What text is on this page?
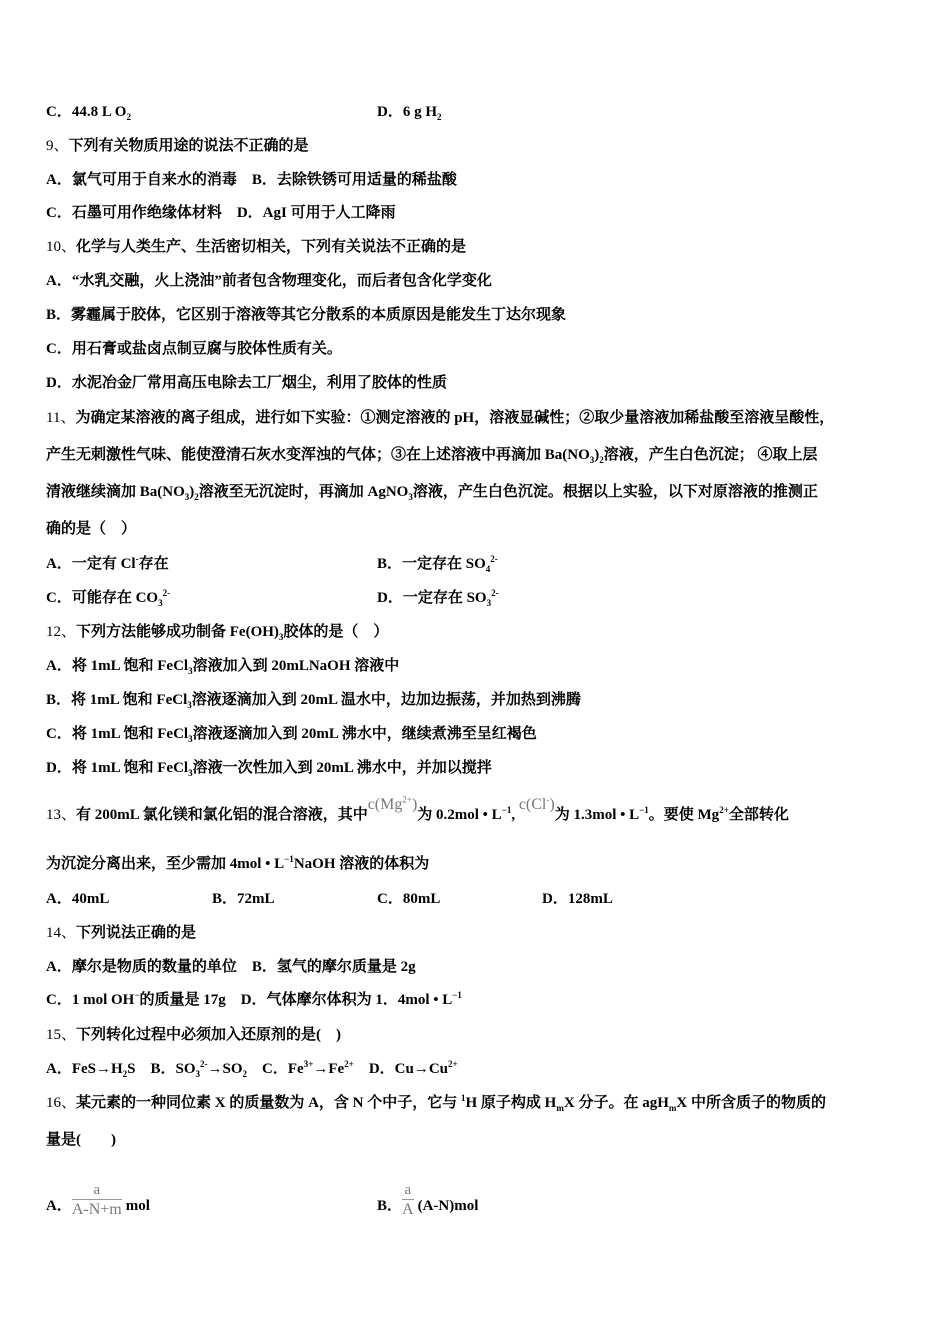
C．44.8 L $O_2$	D．6 g $H_2$
9、下列有关物质用途的说法不正确的是
A．氯气可用于自来水的消毒　B．去除铁锈可用适量的稀盐酸
C．石墨可用作绝缘体材料　D．AgI 可用于人工降雨
10、化学与人类生产、生活密切相关，下列有关说法不正确的是
A．“水乳交融，火上浇油”前者包含物理变化，而后者包含化学变化
B．雾霾属于胶体，它区别于溶液等其它分散系的本质原因是能发生丁达尔现象
C．用石膏或盐卤点制豆腐与胶体性质有关。
D．水泥冶金厂常用高压电除去工厂烟尘，利用了胶体的性质
11、为确定某溶液的离子组成，进行如下实验：①测定溶液的 pH，溶液显碱性；②取少量溶液加稀盐酸至溶液呈酸性，
产生无刺激性气味、能使澄清石灰水变浑浊的气体；③在上述溶液中再滴加 $Ba(NO_3)_2$溶液，产生白色沉淀； ④取上层
清液继续滴加 $Ba(NO_3)_2$溶液至无沉淀时，再滴加 AgNO$_3$溶液，产生白色沉淀。根据以上实验，以下对原溶液的推测正
确的是（　）
A．一定有 Cl-存在	B．一定存在 $SO_4^{2-}$
C．可能存在 $CO_3^{2-}$	D．一定存在 $SO_3^{2-}$
12、下列方法能够成功制备 $Fe(OH)_3$胶体的是（　）
A．将 1mL 饱和 FeCl$_3$溶液加入到 20mLNaOH 溶液中
B．将 1mL 饱和 FeCl$_3$溶液逐滴加入到 20mL 温水中，边加边振荡，并加热到沸腾
C．将 1mL 饱和 FeCl$_3$溶液逐滴加入到 20mL 沸水中，继续煮沸至呈红褐色
D．将 1mL 饱和 FeCl$_3$溶液一次性加入到 20mL 沸水中，并加以搅拌
13、有 200mL 氯化镁和氯化铝的混合溶液，其中$c(Mg^{2+})$为 0.2mol • $L^{-1}$, c(Cl-)为 1.3mol • $L^{-1}$。要使 $Mg^{2+}$全部转化
为沉淀分离出来，至少需加 4mol • $L^{-1}NaOH$ 溶液的体积为
A．40mL	B．72mL	C．80mL	D．128mL
14、下列说法正确的是
A．摩尔是物质的数量的单位　B．氢气的摩尔质量是 2g
C．1 mol OH−的质量是 17g　D．气体摩尔体积为 1．4mol • $L^{-1}$
15、下列转化过程中必须加入还原剂的是(　)
A．$FeS\to H_2S$　B．$SO_3^{2-}\to SO_2$　C．$Fe^{3+}\to Fe^{2+}$　D．$Cu\to Cu^{2+}$
16、某元素的一种同位素 X 的质量数为 A，含 N 个中子，它与 $^1$H 原子构成 $H_mX$ 分子。在 agH$_m$X 中所含质子的物质的
量是(　　)
A． $\frac{a}{A-N+m}$ mol	B． $\frac{a}{A} (A-N)mol$
